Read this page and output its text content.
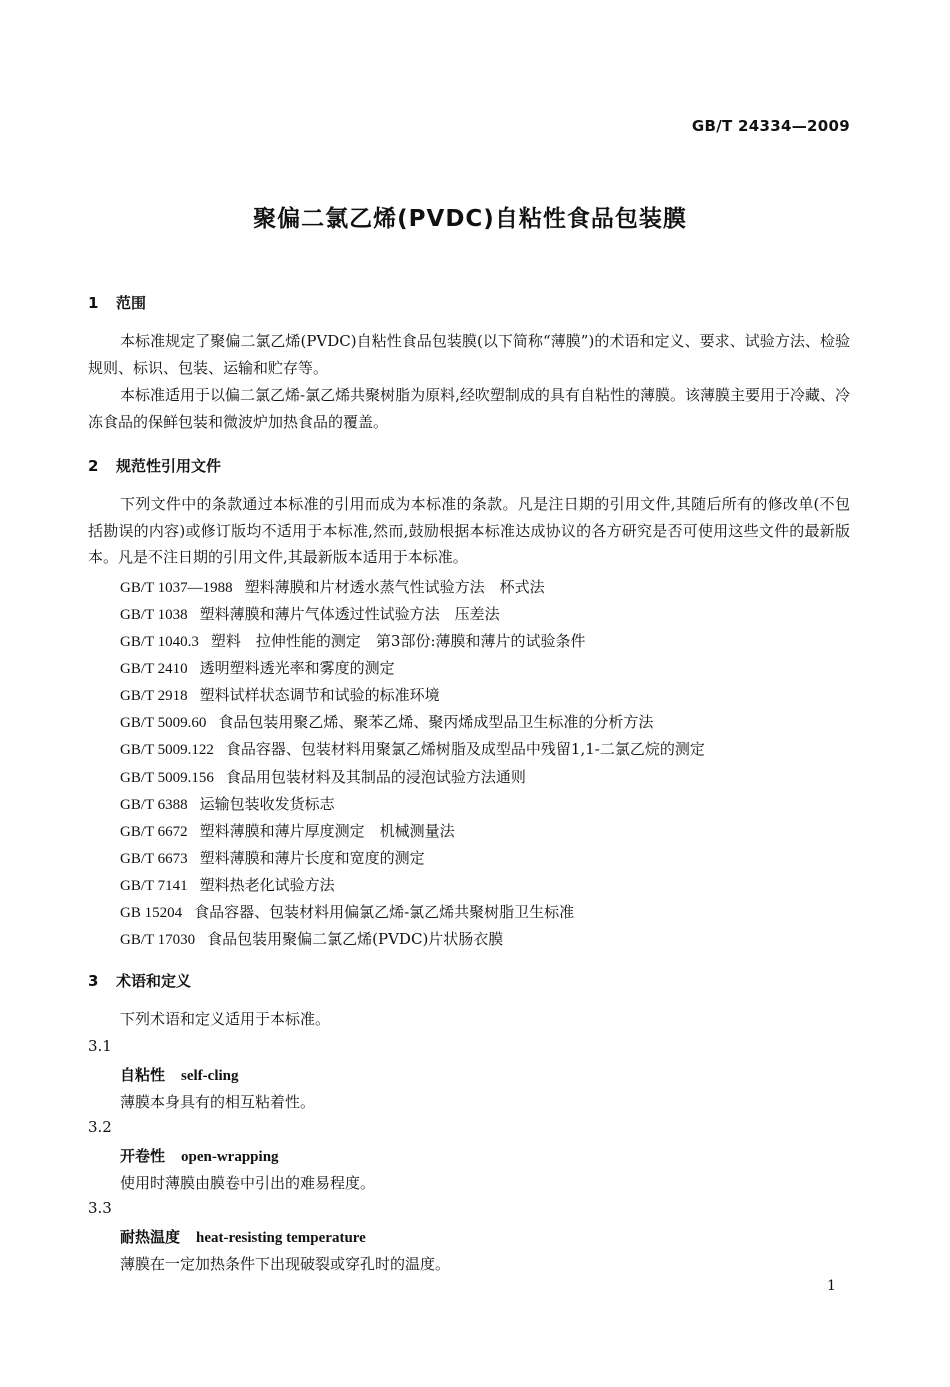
GB/T 24334—2009
聚偏二氯乙烯(PVDC)自粘性食品包装膜
1 范围
本标准规定了聚偏二氯乙烯(PVDC)自粘性食品包装膜(以下简称“薄膜”)的术语和定义、要求、试验方法、检验规则、标识、包装、运输和贮存等。
本标准适用于以偏二氯乙烯-氯乙烯共聚树脂为原料,经吹塑制成的具有自粘性的薄膜。该薄膜主要用于冷藏、冷冻食品的保鲜包装和微波炉加热食品的覆盖。
2 规范性引用文件
下列文件中的条款通过本标准的引用而成为本标准的条款。凡是注日期的引用文件,其随后所有的修改单(不包括勘误的内容)或修订版均不适用于本标准,然而,鼓励根据本标准达成协议的各方研究是否可使用这些文件的最新版本。凡是不注日期的引用文件,其最新版本适用于本标准。
GB/T 1037—1988 塑料薄膜和片材透水蒸气性试验方法　杯式法
GB/T 1038 塑料薄膜和薄片气体透过性试验方法　压差法
GB/T 1040.3 塑料　拉伸性能的测定　第3部份:薄膜和薄片的试验条件
GB/T 2410 透明塑料透光率和雾度的测定
GB/T 2918 塑料试样状态调节和试验的标准环境
GB/T 5009.60 食品包装用聚乙烯、聚苯乙烯、聚丙烯成型品卫生标准的分析方法
GB/T 5009.122 食品容器、包装材料用聚氯乙烯树脂及成型品中残留1,1-二氯乙烷的测定
GB/T 5009.156 食品用包装材料及其制品的浸泡试验方法通则
GB/T 6388 运输包装收发货标志
GB/T 6672 塑料薄膜和薄片厚度测定　机械测量法
GB/T 6673 塑料薄膜和薄片长度和宽度的测定
GB/T 7141 塑料热老化试验方法
GB 15204 食品容器、包装材料用偏氯乙烯-氯乙烯共聚树脂卫生标准
GB/T 17030 食品包装用聚偏二氯乙烯(PVDC)片状肠衣膜
3 术语和定义
下列术语和定义适用于本标准。
3.1
自粘性 self-cling
薄膜本身具有的相互粘着性。
3.2
开卷性 open-wrapping
使用时薄膜由膜卷中引出的难易程度。
3.3
耐热温度 heat-resisting temperature
薄膜在一定加热条件下出现破裂或穿孔时的温度。
1
